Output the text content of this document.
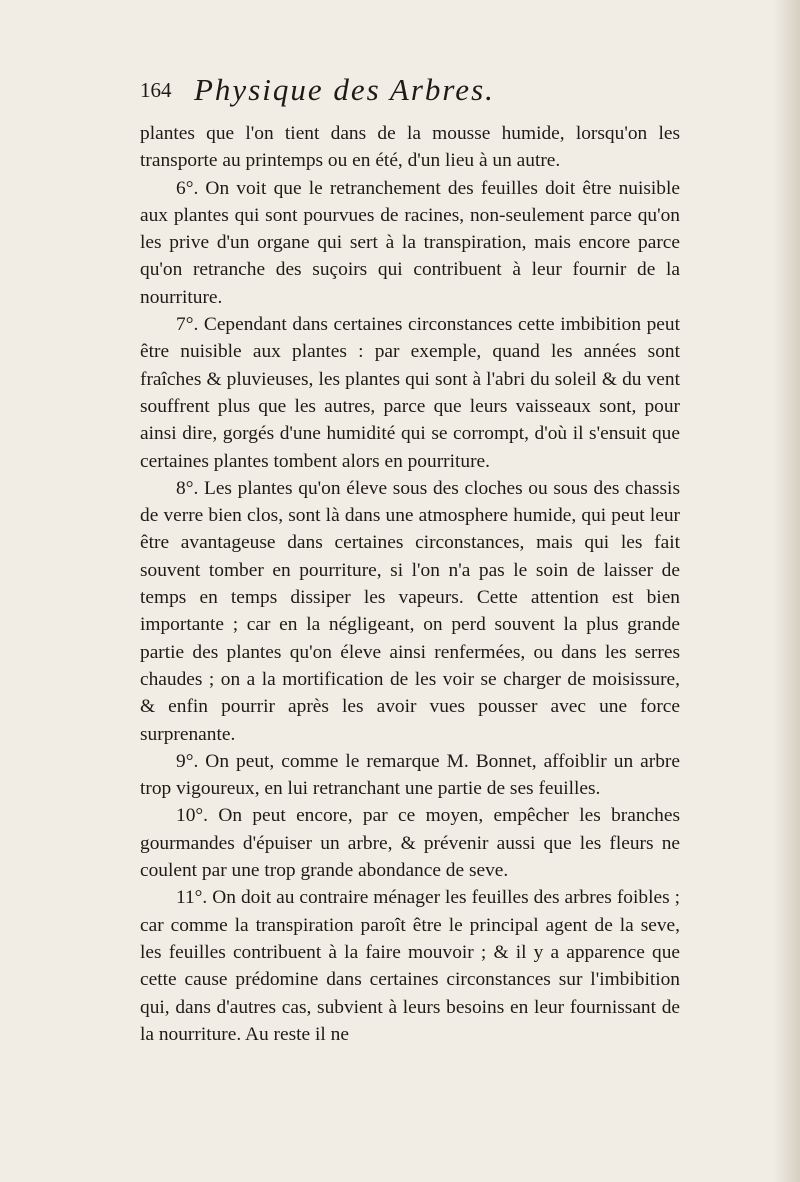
164 Physique des Arbres.

plantes que l'on tient dans de la mousse humide, lorsqu'on les transporte au printemps ou en été, d'un lieu à un autre.

6°. On voit que le retranchement des feuilles doit être nuisible aux plantes qui sont pourvues de racines, non-seulement parce qu'on les prive d'un organe qui sert à la transpiration, mais encore parce qu'on retranche des suçoirs qui contribuent à leur fournir de la nourriture.

7°. Cependant dans certaines circonstances cette imbibition peut être nuisible aux plantes : par exemple, quand les années sont fraîches & pluvieuses, les plantes qui sont à l'abri du soleil & du vent souffrent plus que les autres, parce que leurs vaisseaux sont, pour ainsi dire, gorgés d'une humidité qui se corrompt, d'où il s'ensuit que certaines plantes tombent alors en pourriture.

8°. Les plantes qu'on éleve sous des cloches ou sous des chassis de verre bien clos, sont là dans une atmosphere humide, qui peut leur être avantageuse dans certaines circonstances, mais qui les fait souvent tomber en pourriture, si l'on n'a pas le soin de laisser de temps en temps dissiper les vapeurs. Cette attention est bien importante ; car en la négligeant, on perd souvent la plus grande partie des plantes qu'on éleve ainsi renfermées, ou dans les serres chaudes ; on a la mortification de les voir se charger de moisissure, & enfin pourrir après les avoir vues pousser avec une force surprenante.

9°. On peut, comme le remarque M. Bonnet, affoiblir un arbre trop vigoureux, en lui retranchant une partie de ses feuilles.

10°. On peut encore, par ce moyen, empêcher les branches gourmandes d'épuiser un arbre, & prévenir aussi que les fleurs ne coulent par une trop grande abondance de seve.

11°. On doit au contraire ménager les feuilles des arbres foibles ; car comme la transpiration paroît être le principal agent de la seve, les feuilles contribuent à la faire mouvoir ; & il y a apparence que cette cause prédomine dans certaines circonstances sur l'imbibition qui, dans d'autres cas, subvient à leurs besoins en leur fournissant de la nourriture. Au reste il ne
